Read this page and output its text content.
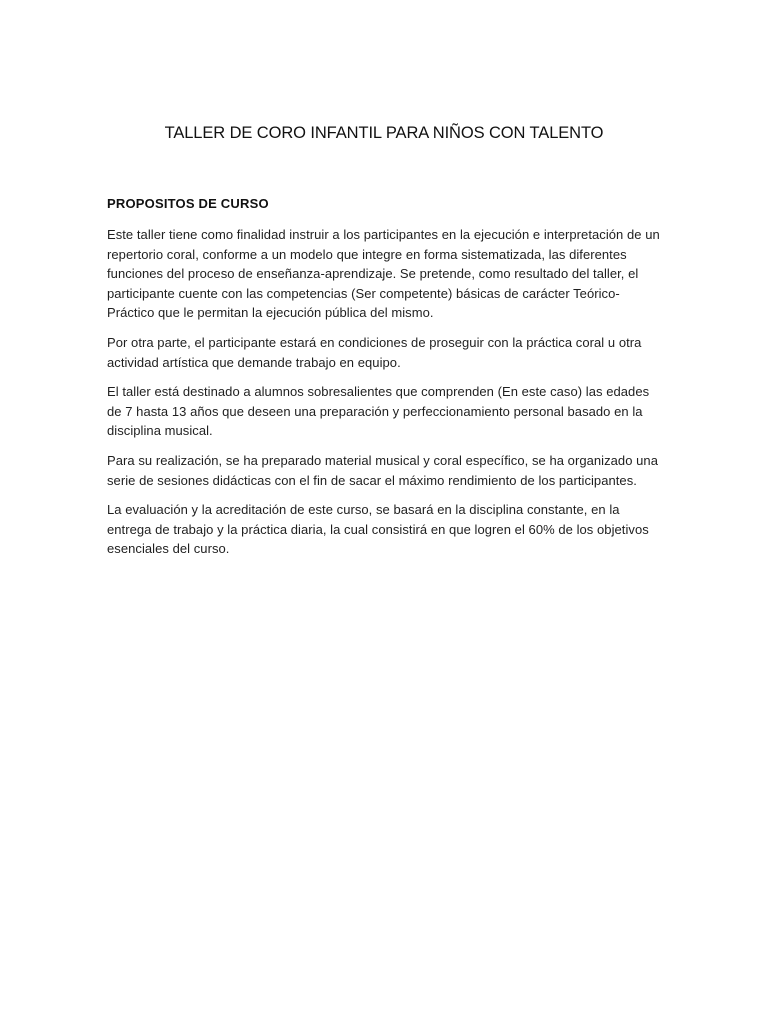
TALLER DE CORO INFANTIL PARA NIÑOS CON TALENTO
PROPOSITOS DE CURSO

Este taller tiene como finalidad instruir a los participantes en la ejecución e interpretación de un repertorio coral, conforme a un modelo que integre en forma sistematizada, las diferentes funciones del proceso de enseñanza-aprendizaje. Se pretende, como resultado del taller, el participante cuente con las competencias (Ser competente) básicas de carácter Teórico- Práctico que le permitan la ejecución pública del mismo.

Por otra parte, el participante estará en condiciones de proseguir con la práctica coral u otra actividad artística que demande trabajo en equipo.

El taller está destinado a alumnos sobresalientes que comprenden (En este caso) las edades de 7 hasta 13 años que deseen una preparación y perfeccionamiento personal basado en la disciplina musical.

Para su realización, se ha preparado material musical y coral específico, se ha organizado una serie de sesiones didácticas con el fin de sacar el máximo rendimiento de los participantes.

La evaluación y la acreditación de este curso, se basará en la disciplina constante, en la entrega de trabajo y la práctica diaria, la cual consistirá en que logren el 60% de los objetivos esenciales del curso.
